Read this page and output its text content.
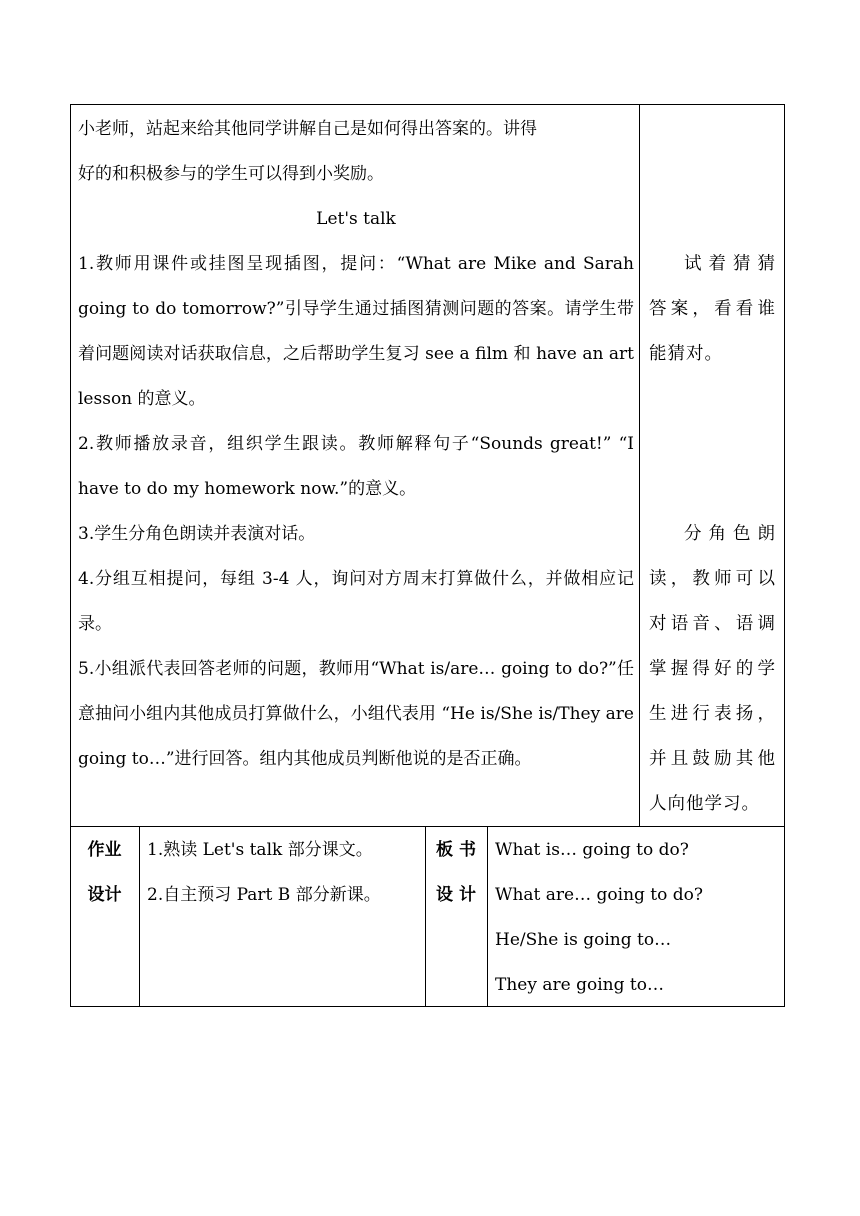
小老师，站起来给其他同学讲解自己是如何得出答案的。讲得

好的和积极参与的学生可以得到小奖励。

Let's talk

1.教师用课件或挂图呈现插图，提问：“What are Mike and Sarah going to do tomorrow?”引导学生通过插图猜测问题的答案。请学生带着问题阅读对话获取信息，之后帮助学生复习 see a film 和 have an art lesson 的意义。

2.教师播放录音，组织学生跟读。教师解释句子“Sounds great!” “I have to do my homework now.”的意义。

3.学生分角色朗读并表演对话。

4.分组互相提问，每组 3-4 人，询问对方周末打算做什么，并做相应记录。

5.小组派代表回答老师的问题，教师用“What is/are… going to do?”任意抽问小组内其他成员打算做什么，小组代表用 “He is/She is/They are going to…”进行回答。组内其他成员判断他说的是否正确。

试着猜猜答案，看看谁能猜对。

分角色朗读，教师可以对语音、语调掌握得好的学生进行表扬，并且鼓励其他人向他学习。

作业

设计

1.熟读 Let's talk 部分课文。

2.自主预习 Part B 部分新课。

板 书

设 计

What is… going to do?

What are… going to do?

He/She is going to…

They are going to…
